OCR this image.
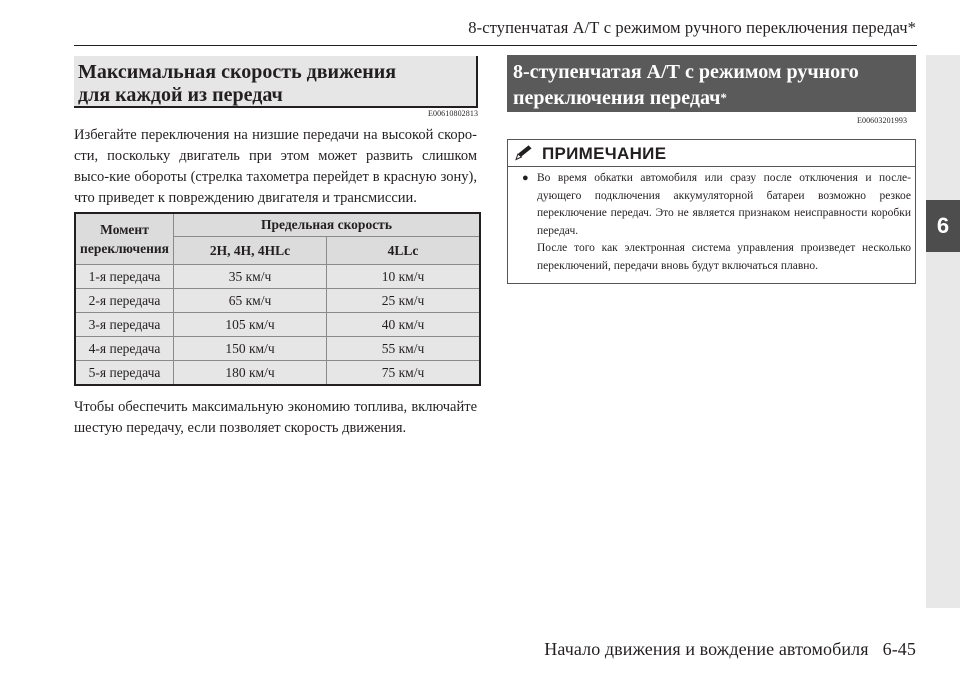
8-ступенчатая А/Т с режимом ручного переключения передач*
6
Максимальная скорость движения
для каждой из передач
E00610802813
Избегайте переключения на низшие передачи на высокой скоро-сти, поскольку двигатель при этом может развить слишком высо-кие обороты (стрелка тахометра перейдет в красную зону), что приведет к повреждению двигателя и трансмиссии.
Момент
переключения	Предельная скорость	
	2H, 4H, 4HLc	4LLc
1-я передача	35 км/ч	10 км/ч
2-я передача	65 км/ч	25 км/ч
3-я передача	105 км/ч	40 км/ч
4-я передача	150 км/ч	55 км/ч
5-я передача	180 км/ч	75 км/ч
Чтобы обеспечить максимальную экономию топлива, включайте шестую передачу, если позволяет скорость движения.
8-ступенчатая А/Т с режимом ручного
переключения передач*
E00603201993
ПРИМЕЧАНИЕ
● Во время обкатки автомобиля или сразу после отключения и после-дующего подключения аккумуляторной батареи возможно резкое переключение передач. Это не является признаком неисправности коробки передач.
После того как электронная система управления произведет несколько переключений, передачи вновь будут включаться плавно.
Начало движения и вождение автомобиля 6-45
